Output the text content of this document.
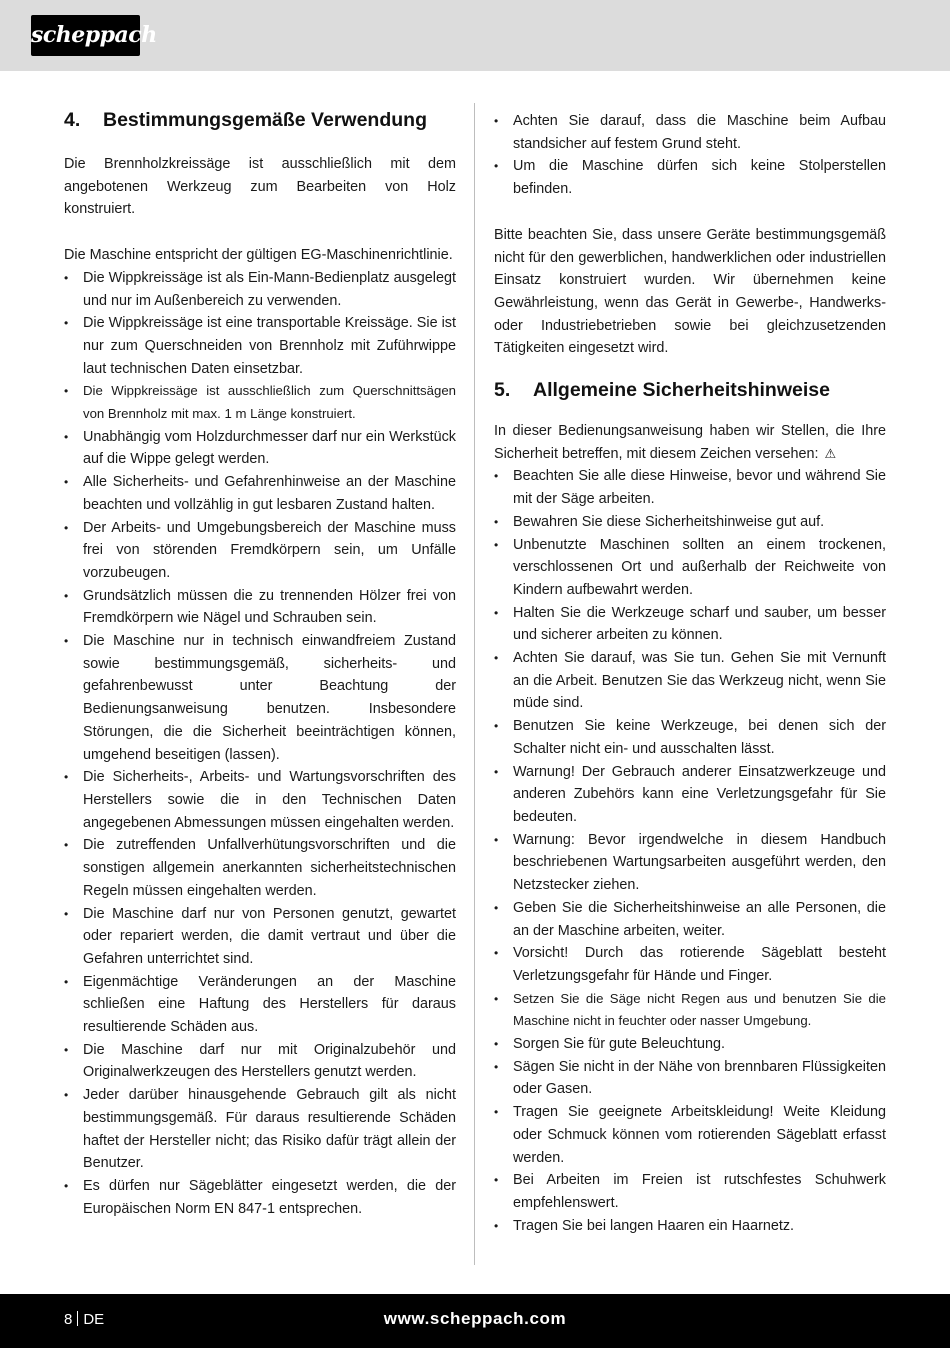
scheppach
4.	Bestimmungsgemäße Verwendung

Die Brennholzkreissäge ist ausschließlich mit dem angebotenen Werkzeug zum Bearbeiten von Holz konstruiert.

Die Maschine entspricht der gültigen EG-Maschinenrichtlinie.

• Die Wippkreissäge ist als Ein-Mann-Bedienplatz ausgelegt und nur im Außenbereich zu verwenden.
• Die Wippkreissäge ist eine transportable Kreissäge. Sie ist nur zum Querschneiden von Brennholz mit Zuführwippe laut technischen Daten einsetzbar.
• Die Wippkreissäge ist ausschließlich zum Querschnittsägen von Brennholz mit max. 1 m Länge konstruiert.
• Unabhängig vom Holzdurchmesser darf nur ein Werkstück auf die Wippe gelegt werden.
• Alle Sicherheits- und Gefahrenhinweise an der Maschine beachten und vollzählig in gut lesbaren Zustand halten.
• Der Arbeits- und Umgebungsbereich der Maschine muss frei von störenden Fremdkörpern sein, um Unfälle vorzubeugen.
• Grundsätzlich müssen die zu trennenden Hölzer frei von Fremdkörpern wie Nägel und Schrauben sein.
• Die Maschine nur in technisch einwandfreiem Zustand sowie bestimmungsgemäß, sicherheits- und gefahrenbewusst unter Beachtung der Bedienungsanweisung benutzen. Insbesondere Störungen, die die Sicherheit beeinträchtigen können, umgehend beseitigen (lassen).
• Die Sicherheits-, Arbeits- und Wartungsvorschriften des Herstellers sowie die in den Technischen Daten angegebenen Abmessungen müssen eingehalten werden.
• Die zutreffenden Unfallverhütungsvorschriften und die sonstigen allgemein anerkannten sicherheitstechnischen Regeln müssen eingehalten werden.
• Die Maschine darf nur von Personen genutzt, gewartet oder repariert werden, die damit vertraut und über die Gefahren unterrichtet sind.
• Eigenmächtige Veränderungen an der Maschine schließen eine Haftung des Herstellers für daraus resultierende Schäden aus.
• Die Maschine darf nur mit Originalzubehör und Originalwerkzeugen des Herstellers genutzt werden.
• Jeder darüber hinausgehende Gebrauch gilt als nicht bestimmungsgemäß. Für daraus resultierende Schäden haftet der Hersteller nicht; das Risiko dafür trägt allein der Benutzer.
• Es dürfen nur Sägeblätter eingesetzt werden, die der Europäischen Norm EN 847-1 entsprechen.
• Achten Sie darauf, dass die Maschine beim Aufbau standsicher auf festem Grund steht.
• Um die Maschine dürfen sich keine Stolperstellen befinden.

Bitte beachten Sie, dass unsere Geräte bestimmungsgemäß nicht für den gewerblichen, handwerklichen oder industriellen Einsatz konstruiert wurden. Wir übernehmen keine Gewährleistung, wenn das Gerät in Gewerbe-, Handwerks- oder Industriebetrieben sowie bei gleichzusetzenden Tätigkeiten eingesetzt wird.

5.	Allgemeine Sicherheitshinweise

In dieser Bedienungsanweisung haben wir Stellen, die Ihre Sicherheit betreffen, mit diesem Zeichen versehen: ⚠

• Beachten Sie alle diese Hinweise, bevor und während Sie mit der Säge arbeiten.
• Bewahren Sie diese Sicherheitshinweise gut auf.
• Unbenutzte Maschinen sollten an einem trockenen, verschlossenen Ort und außerhalb der Reichweite von Kindern aufbewahrt werden.
• Halten Sie die Werkzeuge scharf und sauber, um besser und sicherer arbeiten zu können.
• Achten Sie darauf, was Sie tun. Gehen Sie mit Vernunft an die Arbeit. Benutzen Sie das Werkzeug nicht, wenn Sie müde sind.
• Benutzen Sie keine Werkzeuge, bei denen sich der Schalter nicht ein- und ausschalten lässt.
• Warnung! Der Gebrauch anderer Einsatzwerkzeuge und anderen Zubehörs kann eine Verletzungsgefahr für Sie bedeuten.
• Warnung: Bevor irgendwelche in diesem Handbuch beschriebenen Wartungsarbeiten ausgeführt werden, den Netzstecker ziehen.
• Geben Sie die Sicherheitshinweise an alle Personen, die an der Maschine arbeiten, weiter.
• Vorsicht! Durch das rotierende Sägeblatt besteht Verletzungsgefahr für Hände und Finger.
• Setzen Sie die Säge nicht Regen aus und benutzen Sie die Maschine nicht in feuchter oder nasser Umgebung.
• Sorgen Sie für gute Beleuchtung.
• Sägen Sie nicht in der Nähe von brennbaren Flüssigkeiten oder Gasen.
• Tragen Sie geeignete Arbeitskleidung! Weite Kleidung oder Schmuck können vom rotierenden Sägeblatt erfasst werden.
• Bei Arbeiten im Freien ist rutschfestes Schuhwerk empfehlenswert.
• Tragen Sie bei langen Haaren ein Haarnetz.
8 DE	www.scheppach.com
